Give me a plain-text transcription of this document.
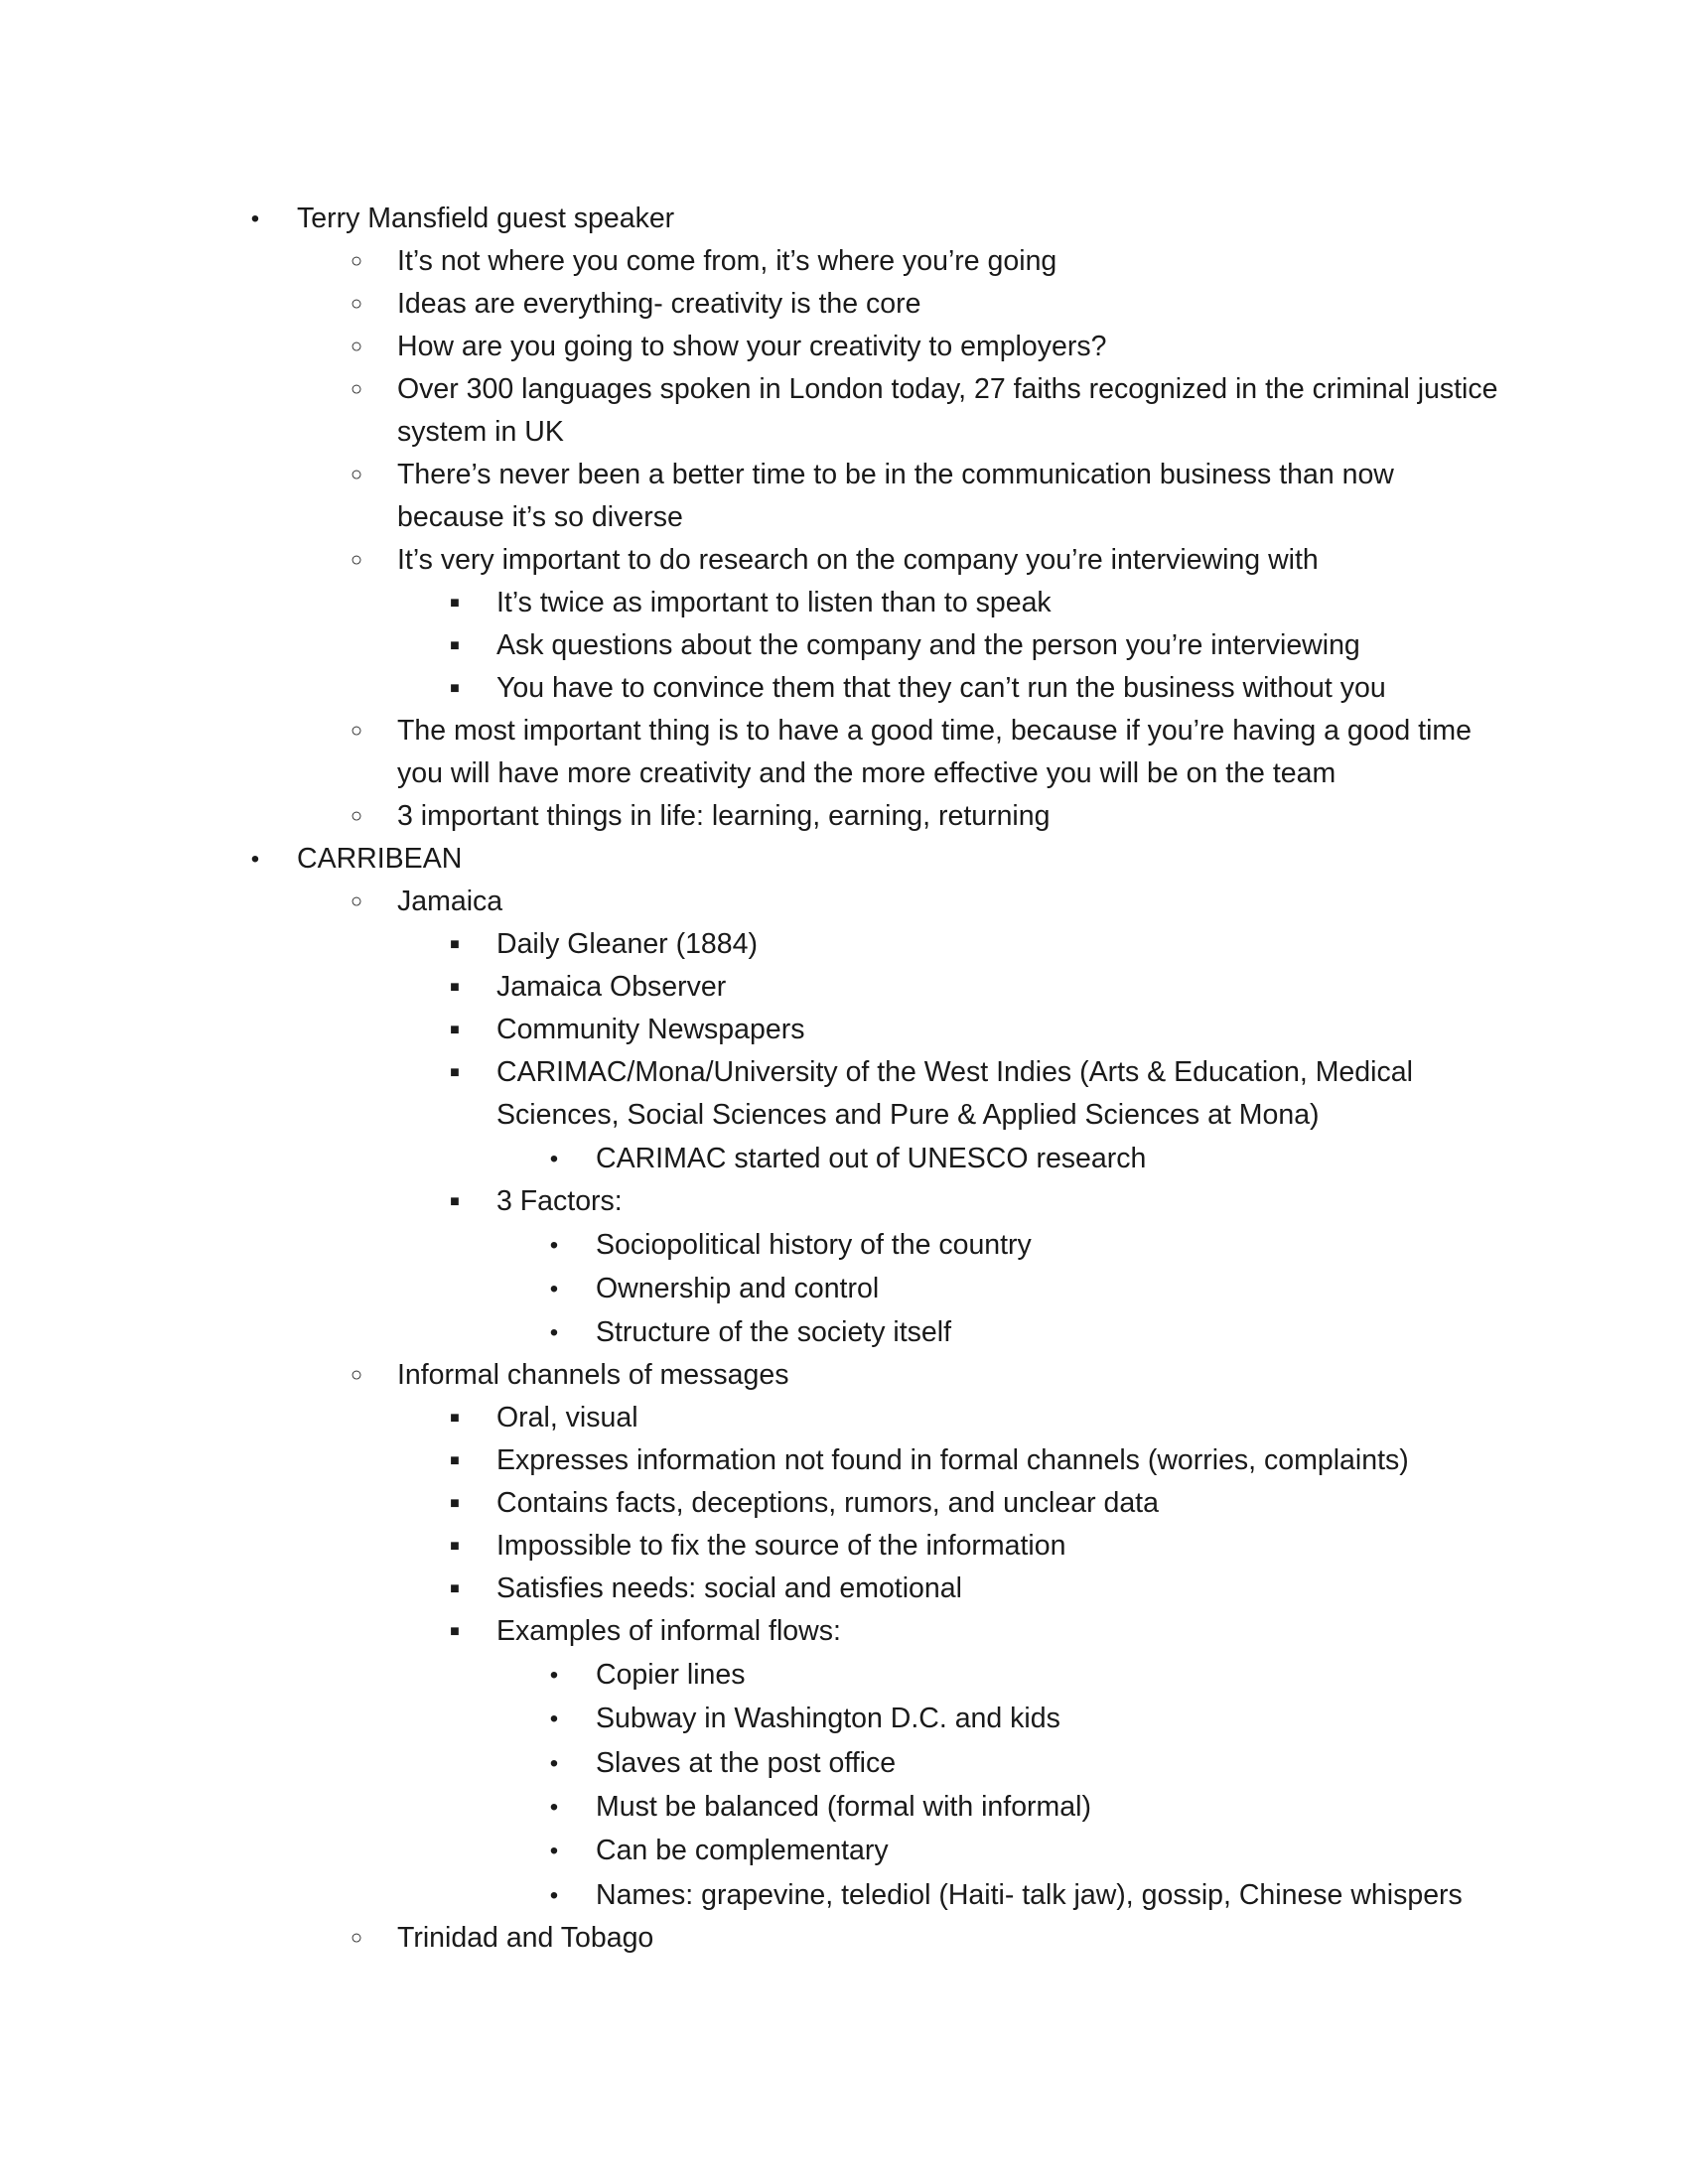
•	Terry Mansfield guest speaker
○	It’s not where you come from, it’s where you’re going
○	Ideas are everything- creativity is the core
○	How are you going to show your creativity to employers?
○	Over 300 languages spoken in London today, 27 faiths recognized in the criminal justice
system in UK
○	There’s never been a better time to be in the communication business than now
because it’s so diverse
○	It’s very important to do research on the company you’re interviewing with
■	It’s twice as important to listen than to speak
■	Ask questions about the company and the person you’re interviewing
■	You have to convince them that they can’t run the business without you
○	The most important thing is to have a good time, because if you’re having a good time
you will have more creativity and the more effective you will be on the team
○	3 important things in life: learning, earning, returning
•	CARRIBEAN
○	Jamaica
■	Daily Gleaner (1884)
■	Jamaica Observer
■	Community Newspapers
■	CARIMAC/Mona/University of the West Indies (Arts & Education, Medical
Sciences, Social Sciences and Pure & Applied Sciences at Mona)
•	CARIMAC started out of UNESCO research
■	3 Factors:
•	Sociopolitical history of the country
•	Ownership and control
•	Structure of the society itself
○	Informal channels of messages
■	Oral, visual
■	Expresses information not found in formal channels (worries, complaints)
■	Contains facts, deceptions, rumors, and unclear data
■	Impossible to fix the source of the information
■	Satisfies needs: social and emotional
■	Examples of informal flows:
•	Copier lines
•	Subway in Washington D.C. and kids
•	Slaves at the post office
•	Must be balanced (formal with informal)
•	Can be complementary
•	Names: grapevine, telediol (Haiti- talk jaw), gossip, Chinese whispers
○	Trinidad and Tobago
